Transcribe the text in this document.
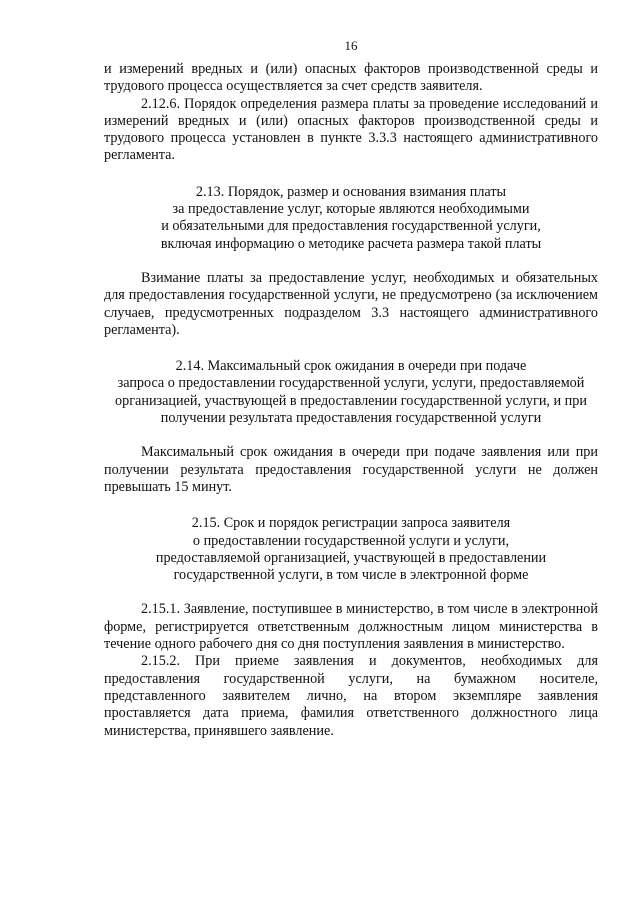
16

и измерений вредных и (или) опасных факторов производственной среды и трудового процесса осуществляется за счет средств заявителя.

2.12.6. Порядок определения размера платы за проведение исследований и измерений вредных и (или) опасных факторов производственной среды и трудового процесса установлен в пункте 3.3.3 настоящего административного регламента.

2.13. Порядок, размер и основания взимания платы
за предоставление услуг, которые являются необходимыми
и обязательными для предоставления государственной услуги,
включая информацию о методике расчета размера такой платы

Взимание платы за предоставление услуг, необходимых и обязательных для предоставления государственной услуги, не предусмотрено (за исключением случаев, предусмотренных подразделом 3.3 настоящего административного регламента).

2.14. Максимальный срок ожидания в очереди при подаче
запроса о предоставлении государственной услуги, услуги, предоставляемой
организацией, участвующей в предоставлении государственной услуги, и при
получении результата предоставления государственной услуги

Максимальный срок ожидания в очереди при подаче заявления или при получении результата предоставления государственной услуги не должен превышать 15 минут.

2.15. Срок и порядок регистрации запроса заявителя
о предоставлении государственной услуги и услуги,
предоставляемой организацией, участвующей в предоставлении
государственной услуги, в том числе в электронной форме

2.15.1. Заявление, поступившее в министерство, в том числе в электронной форме, регистрируется ответственным должностным лицом министерства в течение одного рабочего дня со дня поступления заявления в министерство.

2.15.2. При приеме заявления и документов, необходимых для предоставления государственной услуги, на бумажном носителе, представленного заявителем лично, на втором экземпляре заявления проставляется дата приема, фамилия ответственного должностного лица министерства, принявшего заявление.
